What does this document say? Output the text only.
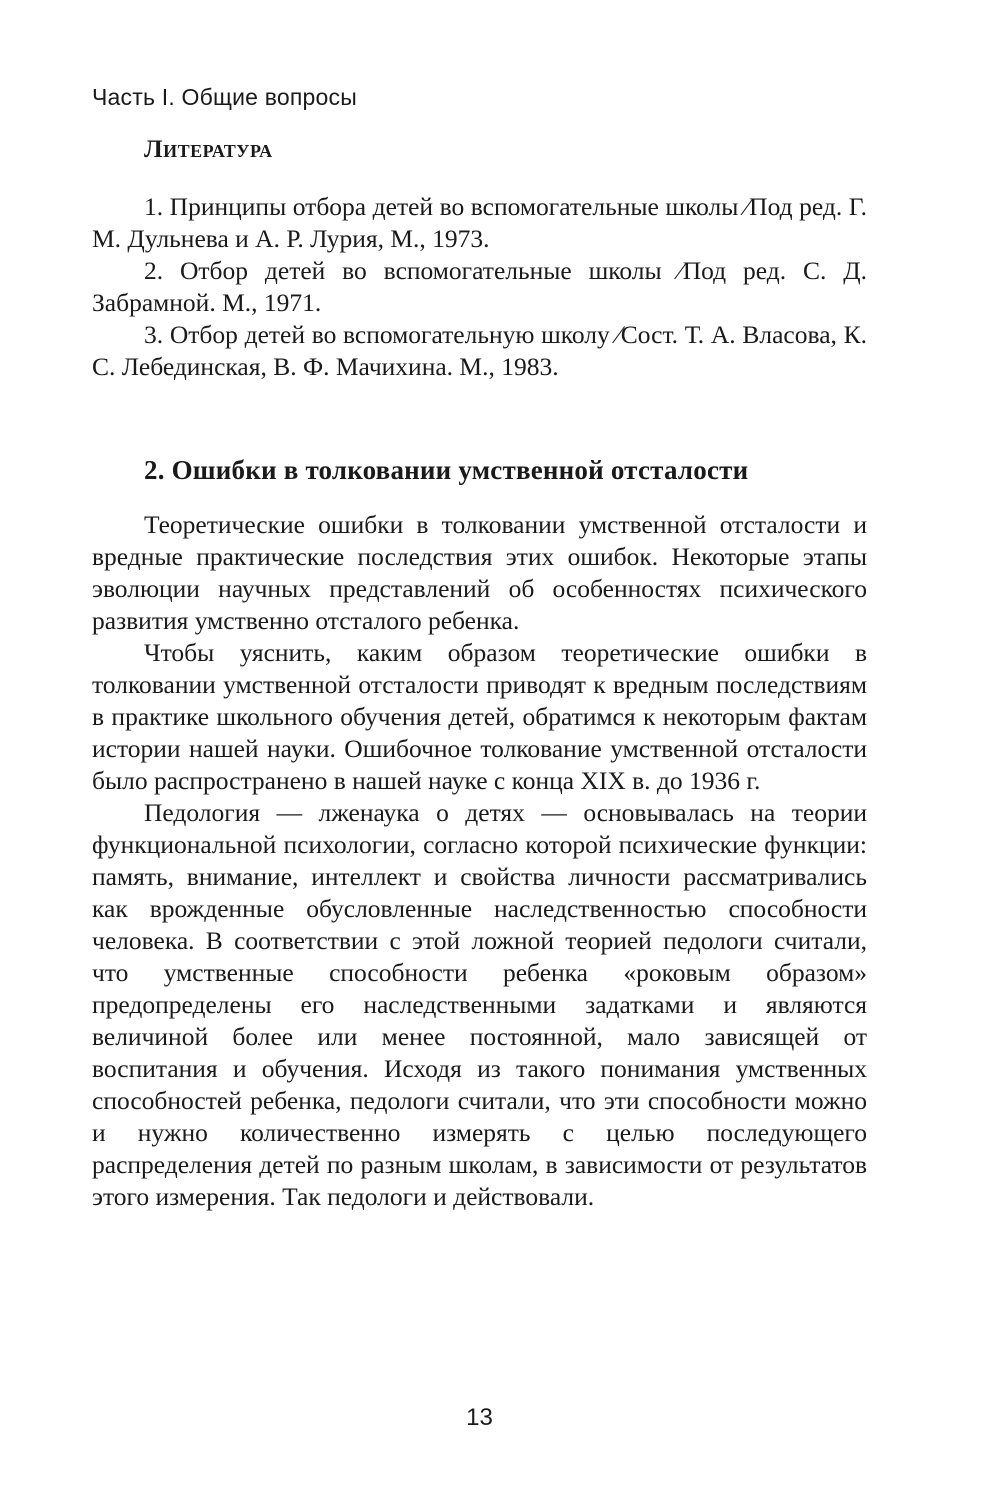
Часть I. Общие вопросы
Литература

1. Принципы отбора детей во вспомогательные школы ⁄Под ред. Г. М. Дульнева и А. Р. Лурия, М., 1973.

2. Отбор детей во вспомогательные школы ⁄Под ред. С. Д. Забрамной. М., 1971.

3. Отбор детей во вспомогательную школу ⁄Сост. Т. А. Власова, К. С. Лебединская, В. Ф. Мачихина. М., 1983.

2. Ошибки в толковании умственной отсталости

Теоретические ошибки в толковании умственной отсталости и вредные практические последствия этих ошибок. Некоторые этапы эволюции научных представлений об особенностях психического развития умственно отсталого ребенка.

Чтобы уяснить, каким образом теоретические ошибки в толковании умственной отсталости приводят к вредным последствиям в практике школьного обучения детей, обратимся к некоторым фактам истории нашей науки. Ошибочное толкование умственной отсталости было распространено в нашей науке с конца XIX в. до 1936 г.

Педология — лженаука о детях — основывалась на теории функциональной психологии, согласно которой психические функции: память, внимание, интеллект и свойства личности рассматривались как врожденные обусловленные наследственностью способности человека. В соответствии с этой ложной теорией педологи считали, что умственные способности ребенка «роковым образом» предопределены его наследственными задатками и являются величиной более или менее постоянной, мало зависящей от воспитания и обучения. Исходя из такого понимания умственных способностей ребенка, педологи считали, что эти способности можно и нужно количественно измерять с целью последующего распределения детей по разным школам, в зависимости от результатов этого измерения. Так педологи и действовали.

13
